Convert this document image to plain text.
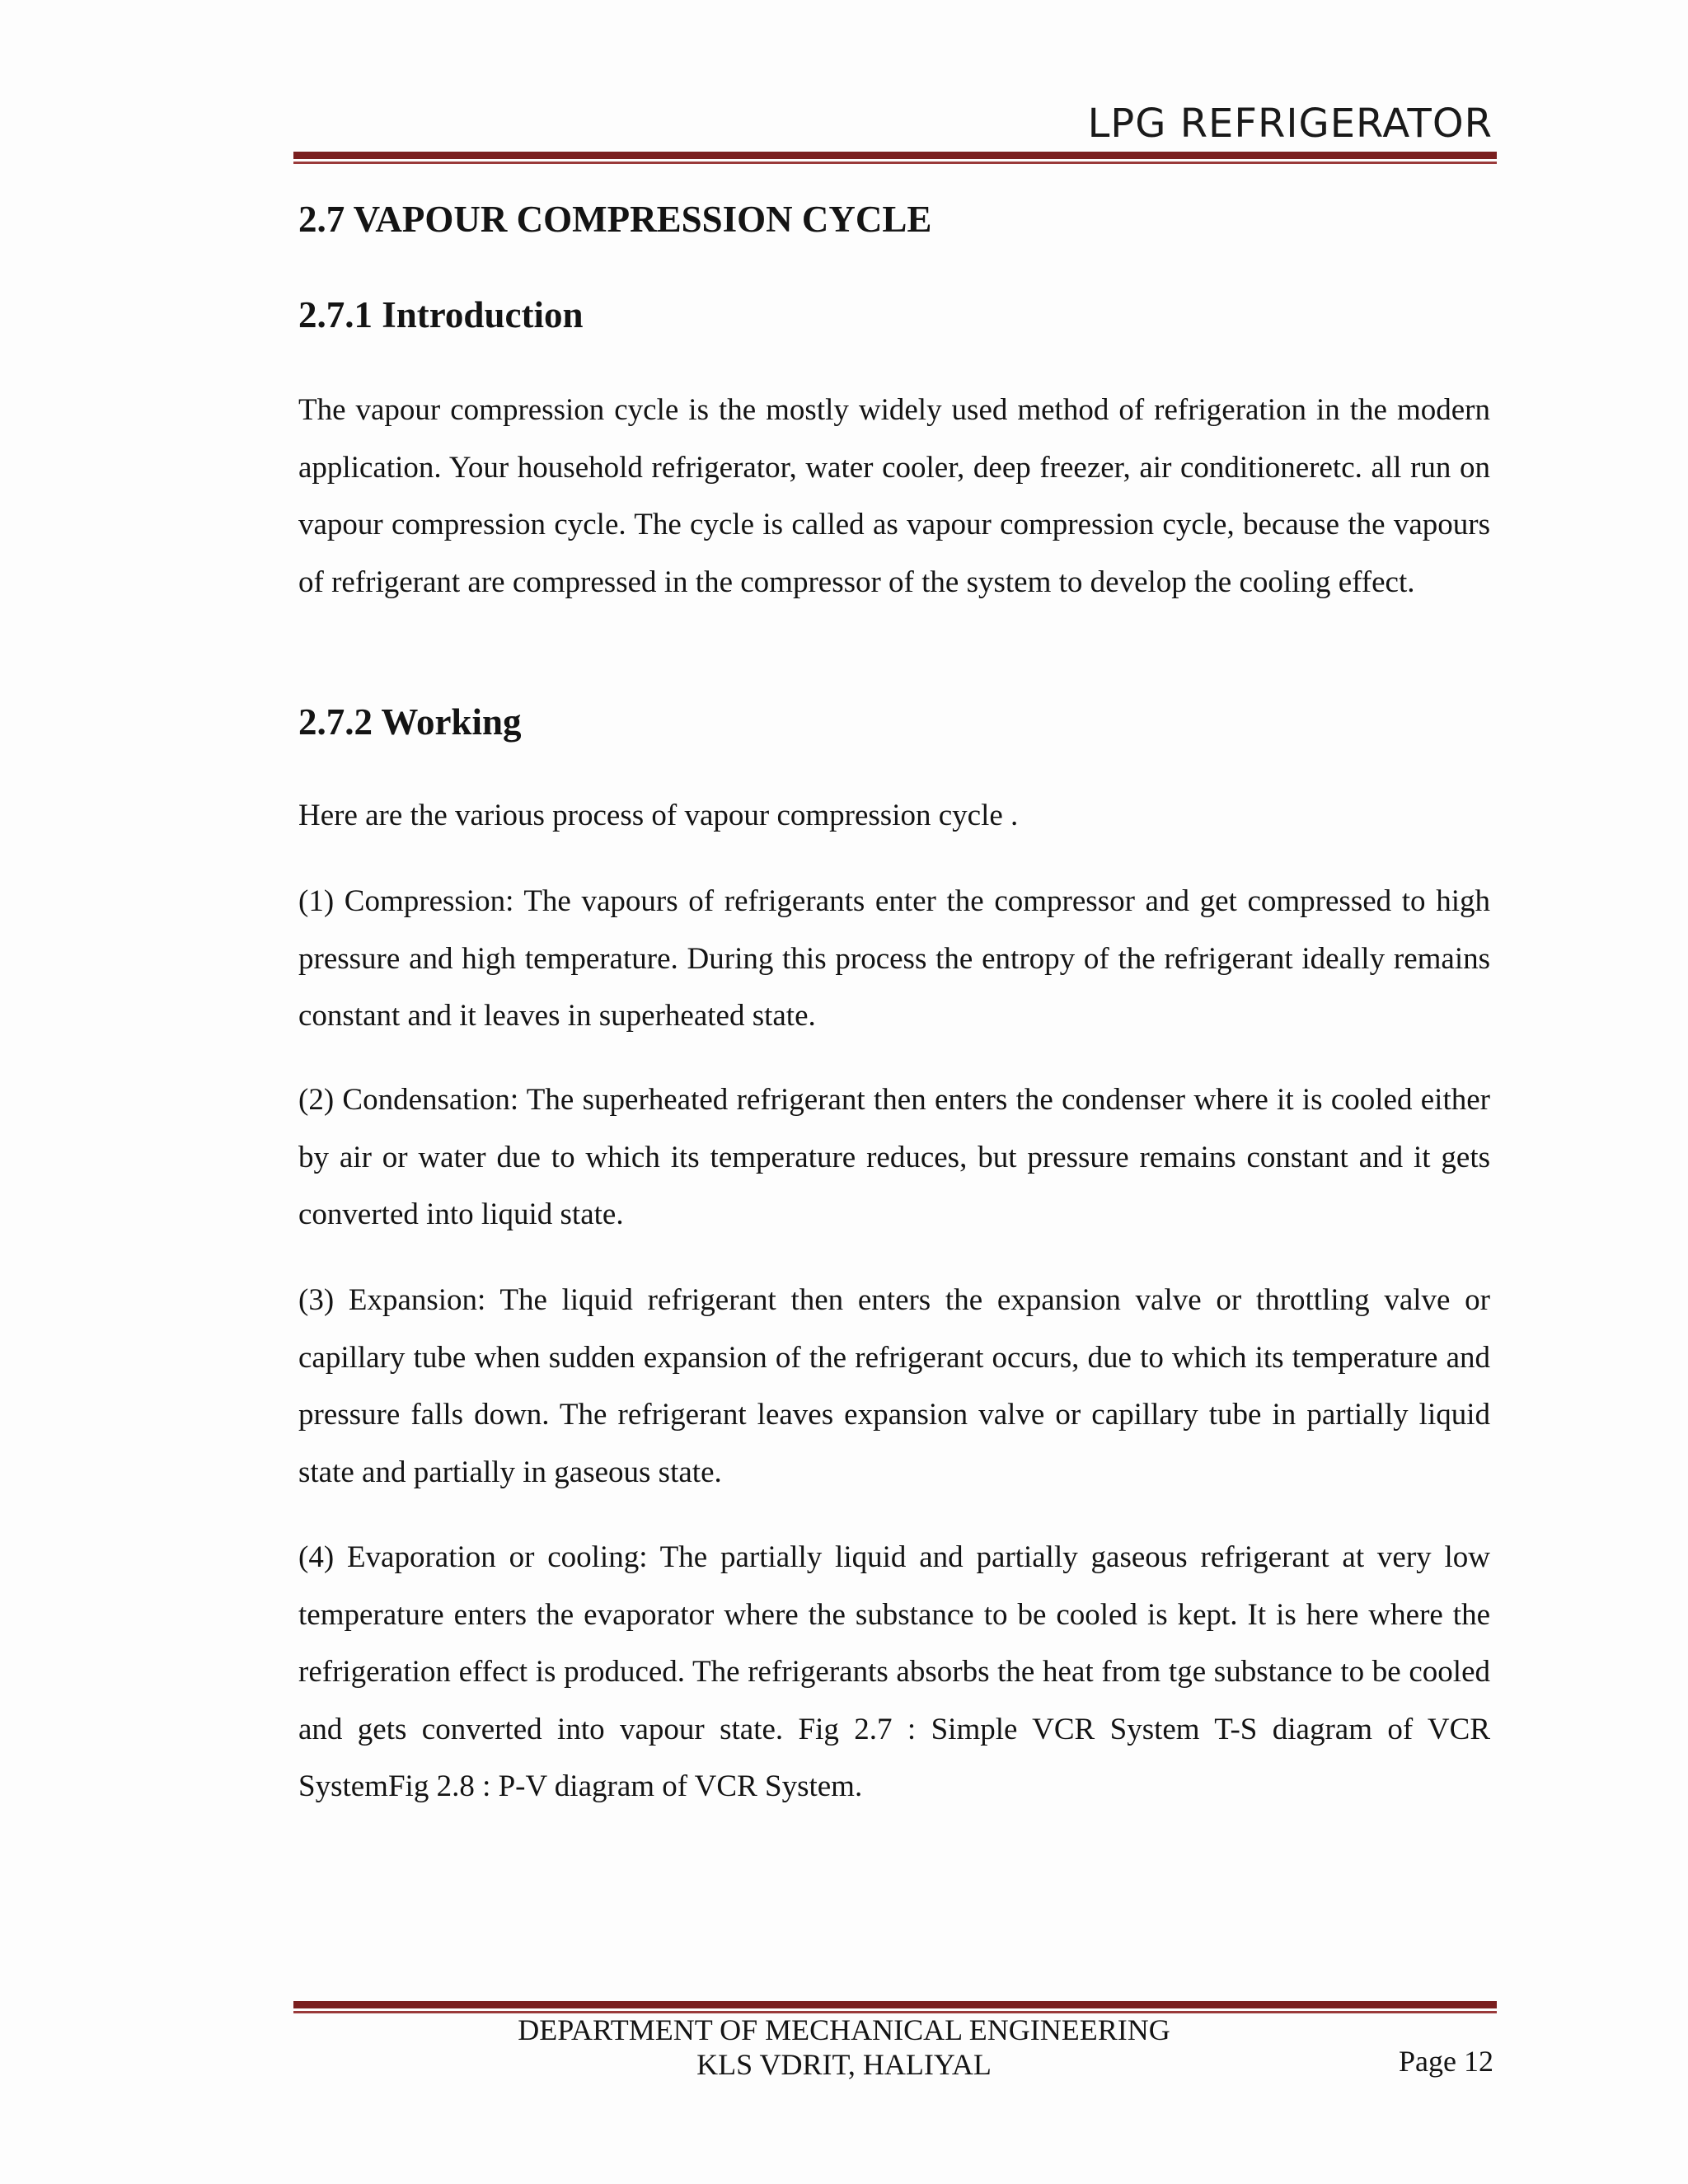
LPG REFRIGERATOR
2.7 VAPOUR COMPRESSION CYCLE
2.7.1 Introduction

The vapour compression cycle is the mostly widely used method of refrigeration in the modern application. Your household refrigerator, water cooler, deep freezer, air conditioneretc. all run on vapour compression cycle. The cycle is called as vapour compression cycle, because the vapours of refrigerant are compressed in the compressor of the system to develop the cooling effect.

2.7.2 Working

Here are the various process of vapour compression cycle .

(1) Compression: The vapours of refrigerants enter the compressor and get compressed to high pressure and high temperature. During this process the entropy of the refrigerant ideally remains constant and it leaves in superheated state.

(2) Condensation: The superheated refrigerant then enters the condenser where it is cooled either by air or water due to which its temperature reduces, but pressure remains constant and it gets converted into liquid state.

(3) Expansion: The liquid refrigerant then enters the expansion valve or throttling valve or capillary tube when sudden expansion of the refrigerant occurs, due to which its temperature and pressure falls down. The refrigerant leaves expansion valve or capillary tube in partially liquid state and partially in gaseous state.

(4) Evaporation or cooling: The partially liquid and partially gaseous refrigerant at very low temperature enters the evaporator where the substance to be cooled is kept. It is here where the refrigeration effect is produced. The refrigerants absorbs the heat from tge substance to be cooled and gets converted into vapour state. Fig 2.7 : Simple VCR System T-S diagram of VCR SystemFig 2.8 : P-V diagram of VCR System.

DEPARTMENT OF MECHANICAL ENGINEERING
KLS VDRIT, HALIYAL	Page 12
